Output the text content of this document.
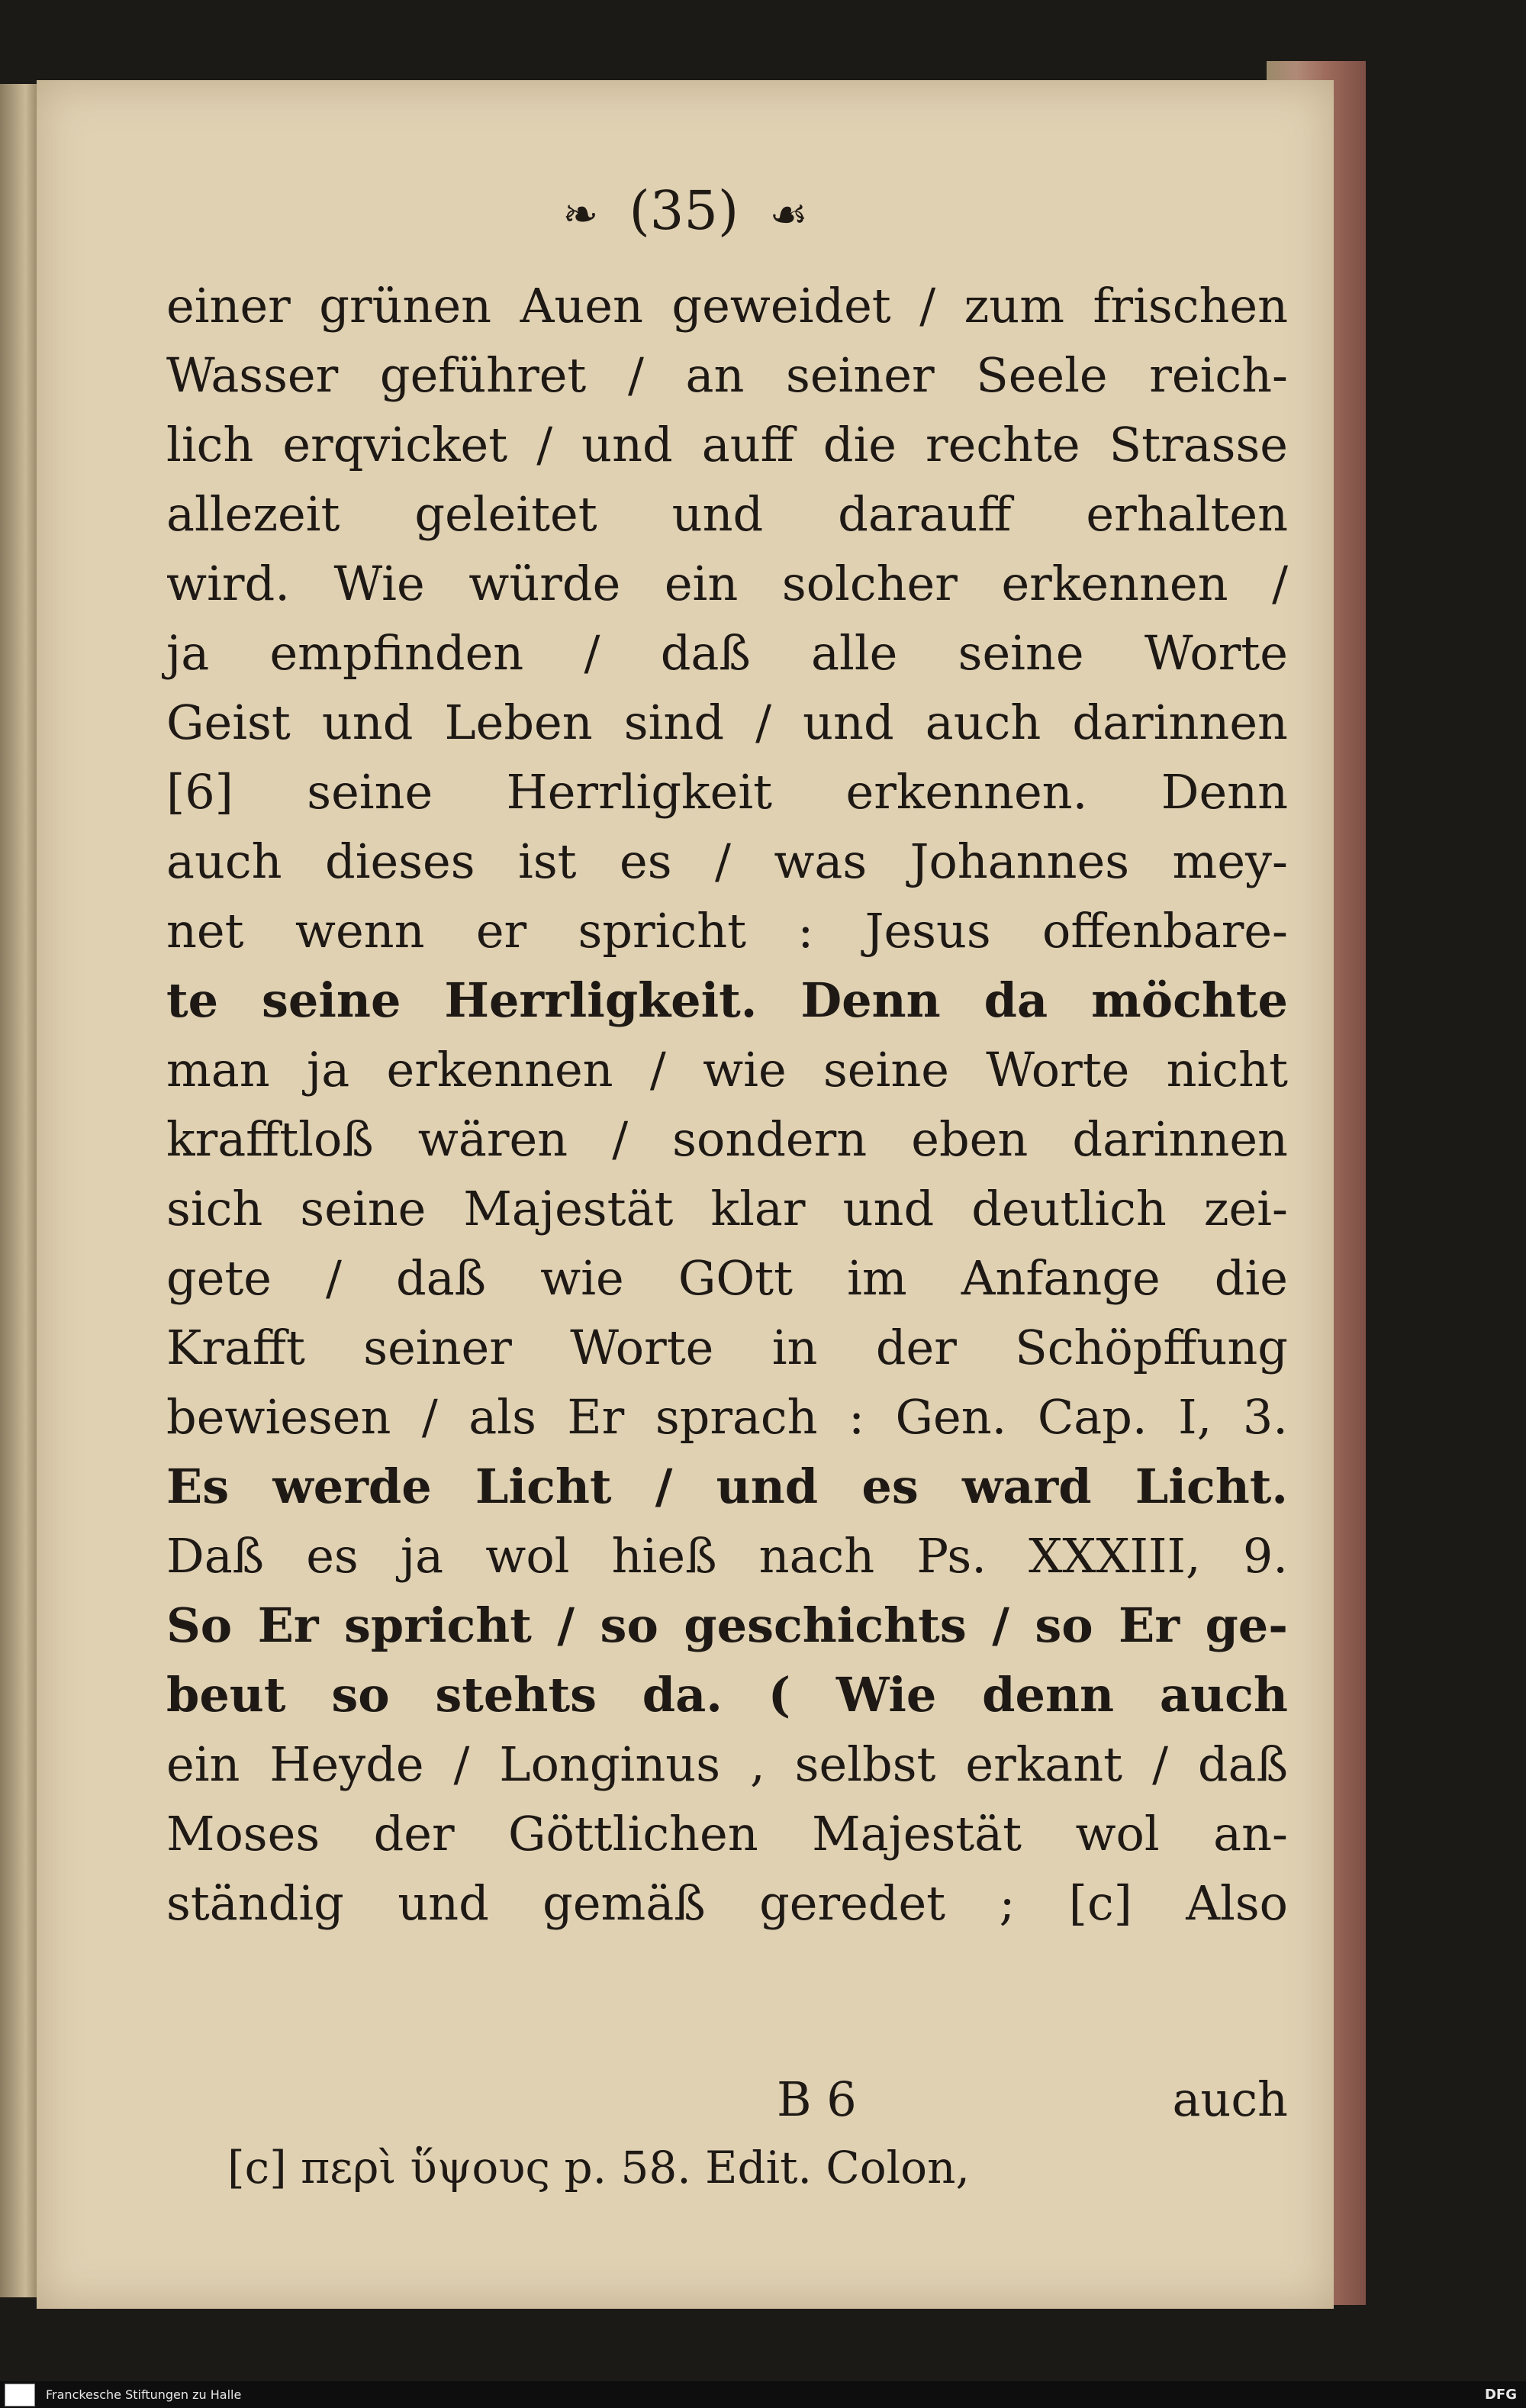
❧ (35) ☙
einer grünen Auen geweidet / zum frischen
Wasser geführet / an seiner Seele reich-
lich erqvicket / und auff die rechte Strasse
allezeit geleitet und darauff erhalten
wird. Wie würde ein solcher erkennen /
ja empfinden / daß alle seine Worte
Geist und Leben sind / und auch darinnen
[6] seine Herrligkeit erkennen. Denn
auch dieses ist es / was Johannes mey-
net wenn er spricht : Jesus offenbare-
te seine Herrligkeit. Denn da möchte
man ja erkennen / wie seine Worte nicht
krafftloß wären / sondern eben darinnen
sich seine Majestät klar und deutlich zei-
gete / daß wie GOtt im Anfange die
Krafft seiner Worte in der Schöpffung
bewiesen / als Er sprach : Gen. Cap. I, 3.
Es werde Licht / und es ward Licht.
Daß es ja wol hieß nach Ps. XXXIII, 9.
So Er spricht / so geschichts / so Er ge-
beut so stehts da. ( Wie denn auch
ein Heyde / Longinus , selbst erkant / daß
Moses der Göttlichen Majestät wol an-
ständig und gemäß geredet ; [c] Also
B 6	auch
[c] περὶ ὕψους p. 58. Edit. Colon,
Franckesche Stiftungen zu Halle	DFG
